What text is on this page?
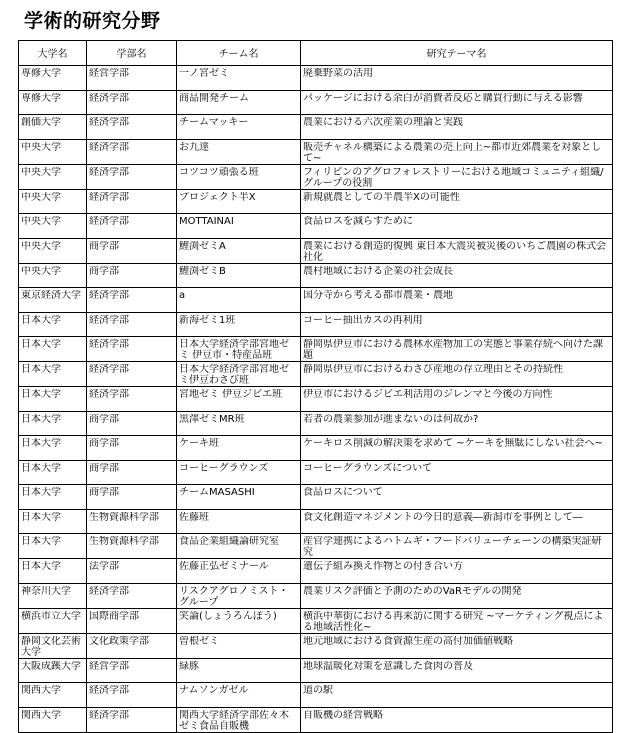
学術的研究分野
大学名	学部名	チーム名	研究テーマ名

専修大学	経営学部	一ノ宮ゼミ	廃棄野菜の活用

専修大学	経済学部	商品開発チーム	パッケージにおける余白が消費者反応と購買行動に与える影響

創価大学	経済学部	チームマッキー	農業における六次産業の理論と実践

中央大学	経済学部	お九達	販売チャネル構築による農業の売上向上~都市近郊農業を対象として~

中央大学	経済学部	コツコツ頑張る班	フィリピンのアグロフォレストリーにおける地域コミュニティ組織/グループの役割

中央大学	経済学部	プロジェクト半X	新規就農としての半農半Xの可能性

中央大学	経済学部	MOTTAINAI	食品ロスを減らすために

中央大学	商学部	鯉渕ゼミA	農業における創造的復興 東日本大震災被災後のいちご農園の株式会社化

中央大学	商学部	鯉渕ゼミB	農村地域における企業の社会成長

東京経済大学	経済学部	a	国分寺から考える都市農業・農地

日本大学	経済学部	新海ゼミ1班	コーヒー抽出カスの再利用

日本大学	経済学部	日本大学経済学部宮地ゼミ 伊豆市・特産品班	静岡県伊豆市における農林水産物加工の実態と事業存続へ向けた課題

日本大学	経済学部	日本大学経済学部宮地ゼミ伊豆わさび班	静岡県伊豆市におけるわさび産地の存立理由とその持続性

日本大学	経済学部	宮地ゼミ 伊豆ジビエ班	伊豆市におけるジビエ利活用のジレンマと今後の方向性

日本大学	商学部	黒澤ゼミMR班	若者の農業参加が進まないのは何故か?

日本大学	商学部	ケーキ班	ケーキロス削減の解決策を求めて ~ケーキを無駄にしない社会へ~

日本大学	商学部	コーヒーグラウンズ	コーヒーグラウンズについて

日本大学	商学部	チームMASASHI	食品ロスについて

日本大学	生物資源科学部	佐藤班	食文化創造マネジメントの今日的意義―新潟市を事例として―

日本大学	生物資源科学部	食品企業組織論研究室	産官学連携によるハトムギ・フードバリューチェーンの構築実証研究

日本大学	法学部	佐藤正弘ゼミナール	遺伝子組み換え作物との付き合い方

神奈川大学	経済学部	リスクアグロノミスト・グループ	農業リスク評価と予測のためのVaRモデルの開発

横浜市立大学	国際商学部	笑論(しょうろんぽう)	横浜中華街における再来訪に関する研究 ~マーケティング視点による地域活性化~

静岡文化芸術大学	文化政策学部	曽根ゼミ	地元地域における食資源生産の高付加価値戦略

大阪成蹊大学	経営学部	緑豚	地球温暖化対策を意識した食肉の普及

関西大学	経済学部	ナムソンガゼル	道の駅

関西大学	経済学部	関西大学経済学部佐々木ゼミ食品自販機	自販機の経営戦略
